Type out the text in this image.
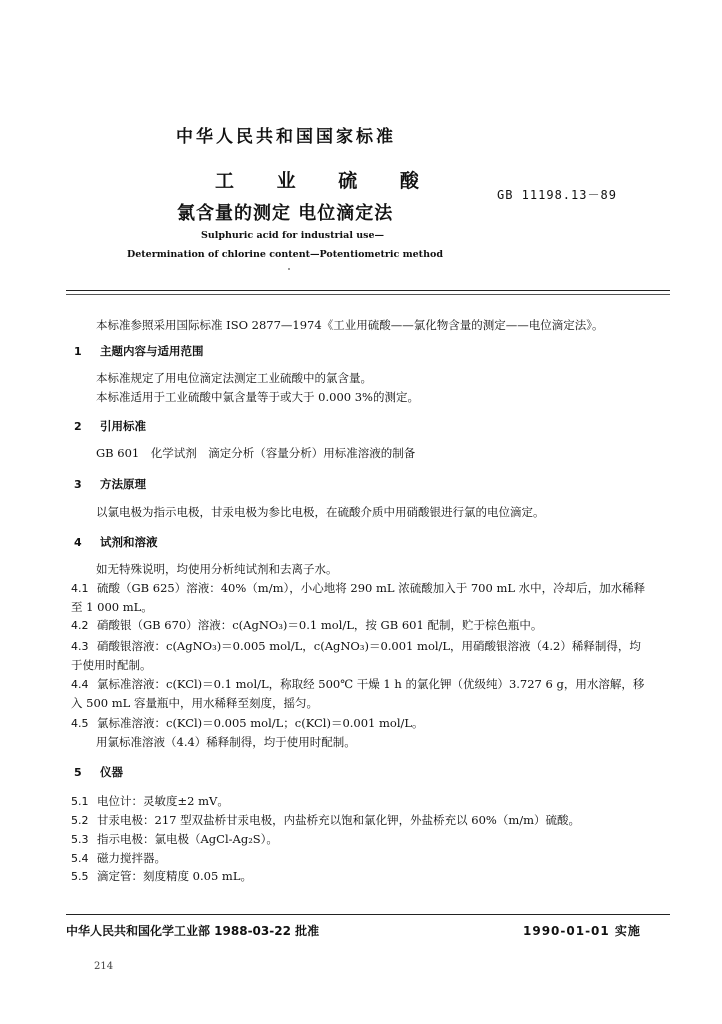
中华人民共和国国家标准
工 业 硫 酸
氯含量的测定 电位滴定法
GB 11198.13－89
Sulphuric acid for industrial use—
Determination of chlorine content—Potentiometric method
本标准参照采用国际标准 ISO 2877—1974《工业用硫酸——氯化物含量的测定——电位滴定法》。
1 主题内容与适用范围
本标准规定了用电位滴定法测定工业硫酸中的氯含量。
本标准适用于工业硫酸中氯含量等于或大于 0.000 3%的测定。
2 引用标准
GB 601　化学试剂　滴定分析（容量分析）用标准溶液的制备
3 方法原理
以氯电极为指示电极，甘汞电极为参比电极，在硫酸介质中用硝酸银进行氯的电位滴定。
4 试剂和溶液
如无特殊说明，均使用分析纯试剂和去离子水。
4.1 硫酸（GB 625）溶液：40%（m/m），小心地将 290 mL 浓硫酸加入于 700 mL 水中，冷却后，加水稀释
至 1 000 mL。
4.2 硝酸银（GB 670）溶液：c(AgNO₃)＝0.1 mol/L，按 GB 601 配制，贮于棕色瓶中。
4.3 硝酸银溶液：c(AgNO₃)＝0.005 mol/L，c(AgNO₃)＝0.001 mol/L，用硝酸银溶液（4.2）稀释制得，均
于使用时配制。
4.4 氯标准溶液：c(KCl)＝0.1 mol/L，称取经 500℃ 干燥 1 h 的氯化钾（优级纯）3.727 6 g，用水溶解，移
入 500 mL 容量瓶中，用水稀释至刻度，摇匀。
4.5 氯标准溶液：c(KCl)＝0.005 mol/L；c(KCl)＝0.001 mol/L。
用氯标准溶液（4.4）稀释制得，均于使用时配制。
5 仪器
5.1 电位计：灵敏度±2 mV。
5.2 甘汞电极：217 型双盐桥甘汞电极，内盐桥充以饱和氯化钾，外盐桥充以 60%（m/m）硫酸。
5.3 指示电极：氯电极（AgCl-Ag₂S）。
5.4 磁力搅拌器。
5.5 滴定管：刻度精度 0.05 mL。
中华人民共和国化学工业部 1988-03-22 批准	1990-01-01 实施
214
